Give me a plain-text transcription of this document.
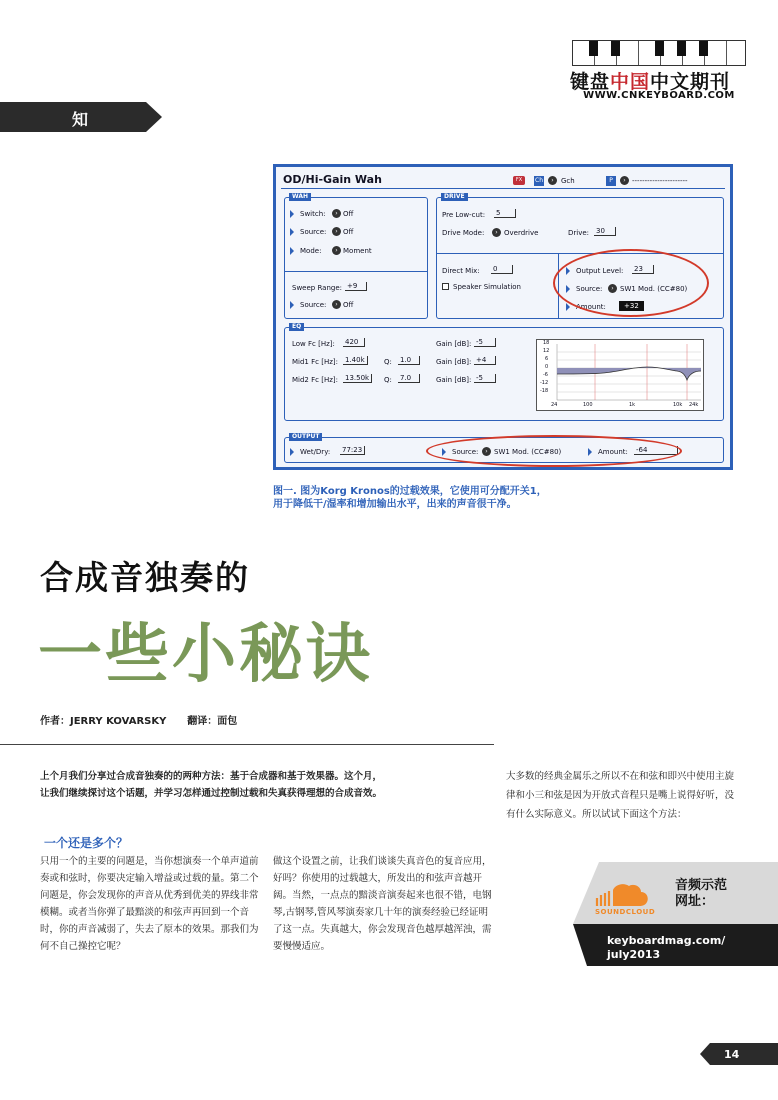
键盘中国中文期刊
WWW.CNKEYBOARD.COM
知
OD/Hi-Gain Wah	FX	Ch	›	Gch	P	› ----------------------
WAH
Switch:	› Off
Source:	› Off
Mode:	› Moment
Sweep Range: +9
Source:	› Off
DRIVE
Pre Low-cut: 5
Drive Mode:	› Overdrive	Drive: 30
Direct Mix: 0
Speaker Simulation
Output Level: 23
Source:	› SW1 Mod. (CC#80)
Amount:	+32
EQ
Low Fc [Hz]: 420
Mid1 Fc [Hz]: 1.40k	Q: 1.0
Mid2 Fc [Hz]: 13.50k	Q: 7.0
Gain [dB]: -5
Gain [dB]: +4
Gain [dB]: -5
18
12
6
0
-6
-12
-18
24	100	1k	10k 24k
OUTPUT
Wet/Dry: 77:23	Source:	› SW1 Mod. (CC#80)	Amount: -64
图一. 图为Korg Kronos的过载效果，它使用可分配开关1，
用于降低干/湿率和增加输出水平，出来的声音很干净。
合成音独奏的
一些小秘诀
作者：JERRY KOVARSKY      翻译：面包
上个月我们分享过合成音独奏的的两种方法：基于合成器和基于效果器。这个月，让我们继续探讨这个话题，并学习怎样通过控制过载和失真获得理想的合成音效。
一个还是多个？
只用一个的主要的问题是，当你想演奏一个单声道前奏或和弦时，你要决定输入增益或过载的量。第二个问题是，你会发现你的声音从优秀到优美的界线非常模糊。或者当你弹了最黯淡的和弦声再回到一个音时，你的声音减弱了，失去了原本的效果。那我们为何不自己操控它呢？
做这个设置之前，让我们谈谈失真音色的复音应用，好吗？你使用的过载越大，所发出的和弦声音越开阔。当然，一点点的黯淡音演奏起来也很不错，电钢琴,古钢琴,管风琴演奏家几十年的演奏经验已经证明了这一点。失真越大，你会发现音色越厚越浑浊，需要慢慢适应。
大多数的经典金属乐之所以不在和弦和即兴中使用主旋律和小三和弦是因为开放式音程只是嘴上说得好听，没有什么实际意义。所以试试下面这个方法：
SOUNDCLOUD
音频示范
网址：
keyboardmag.com/
july2013
14
